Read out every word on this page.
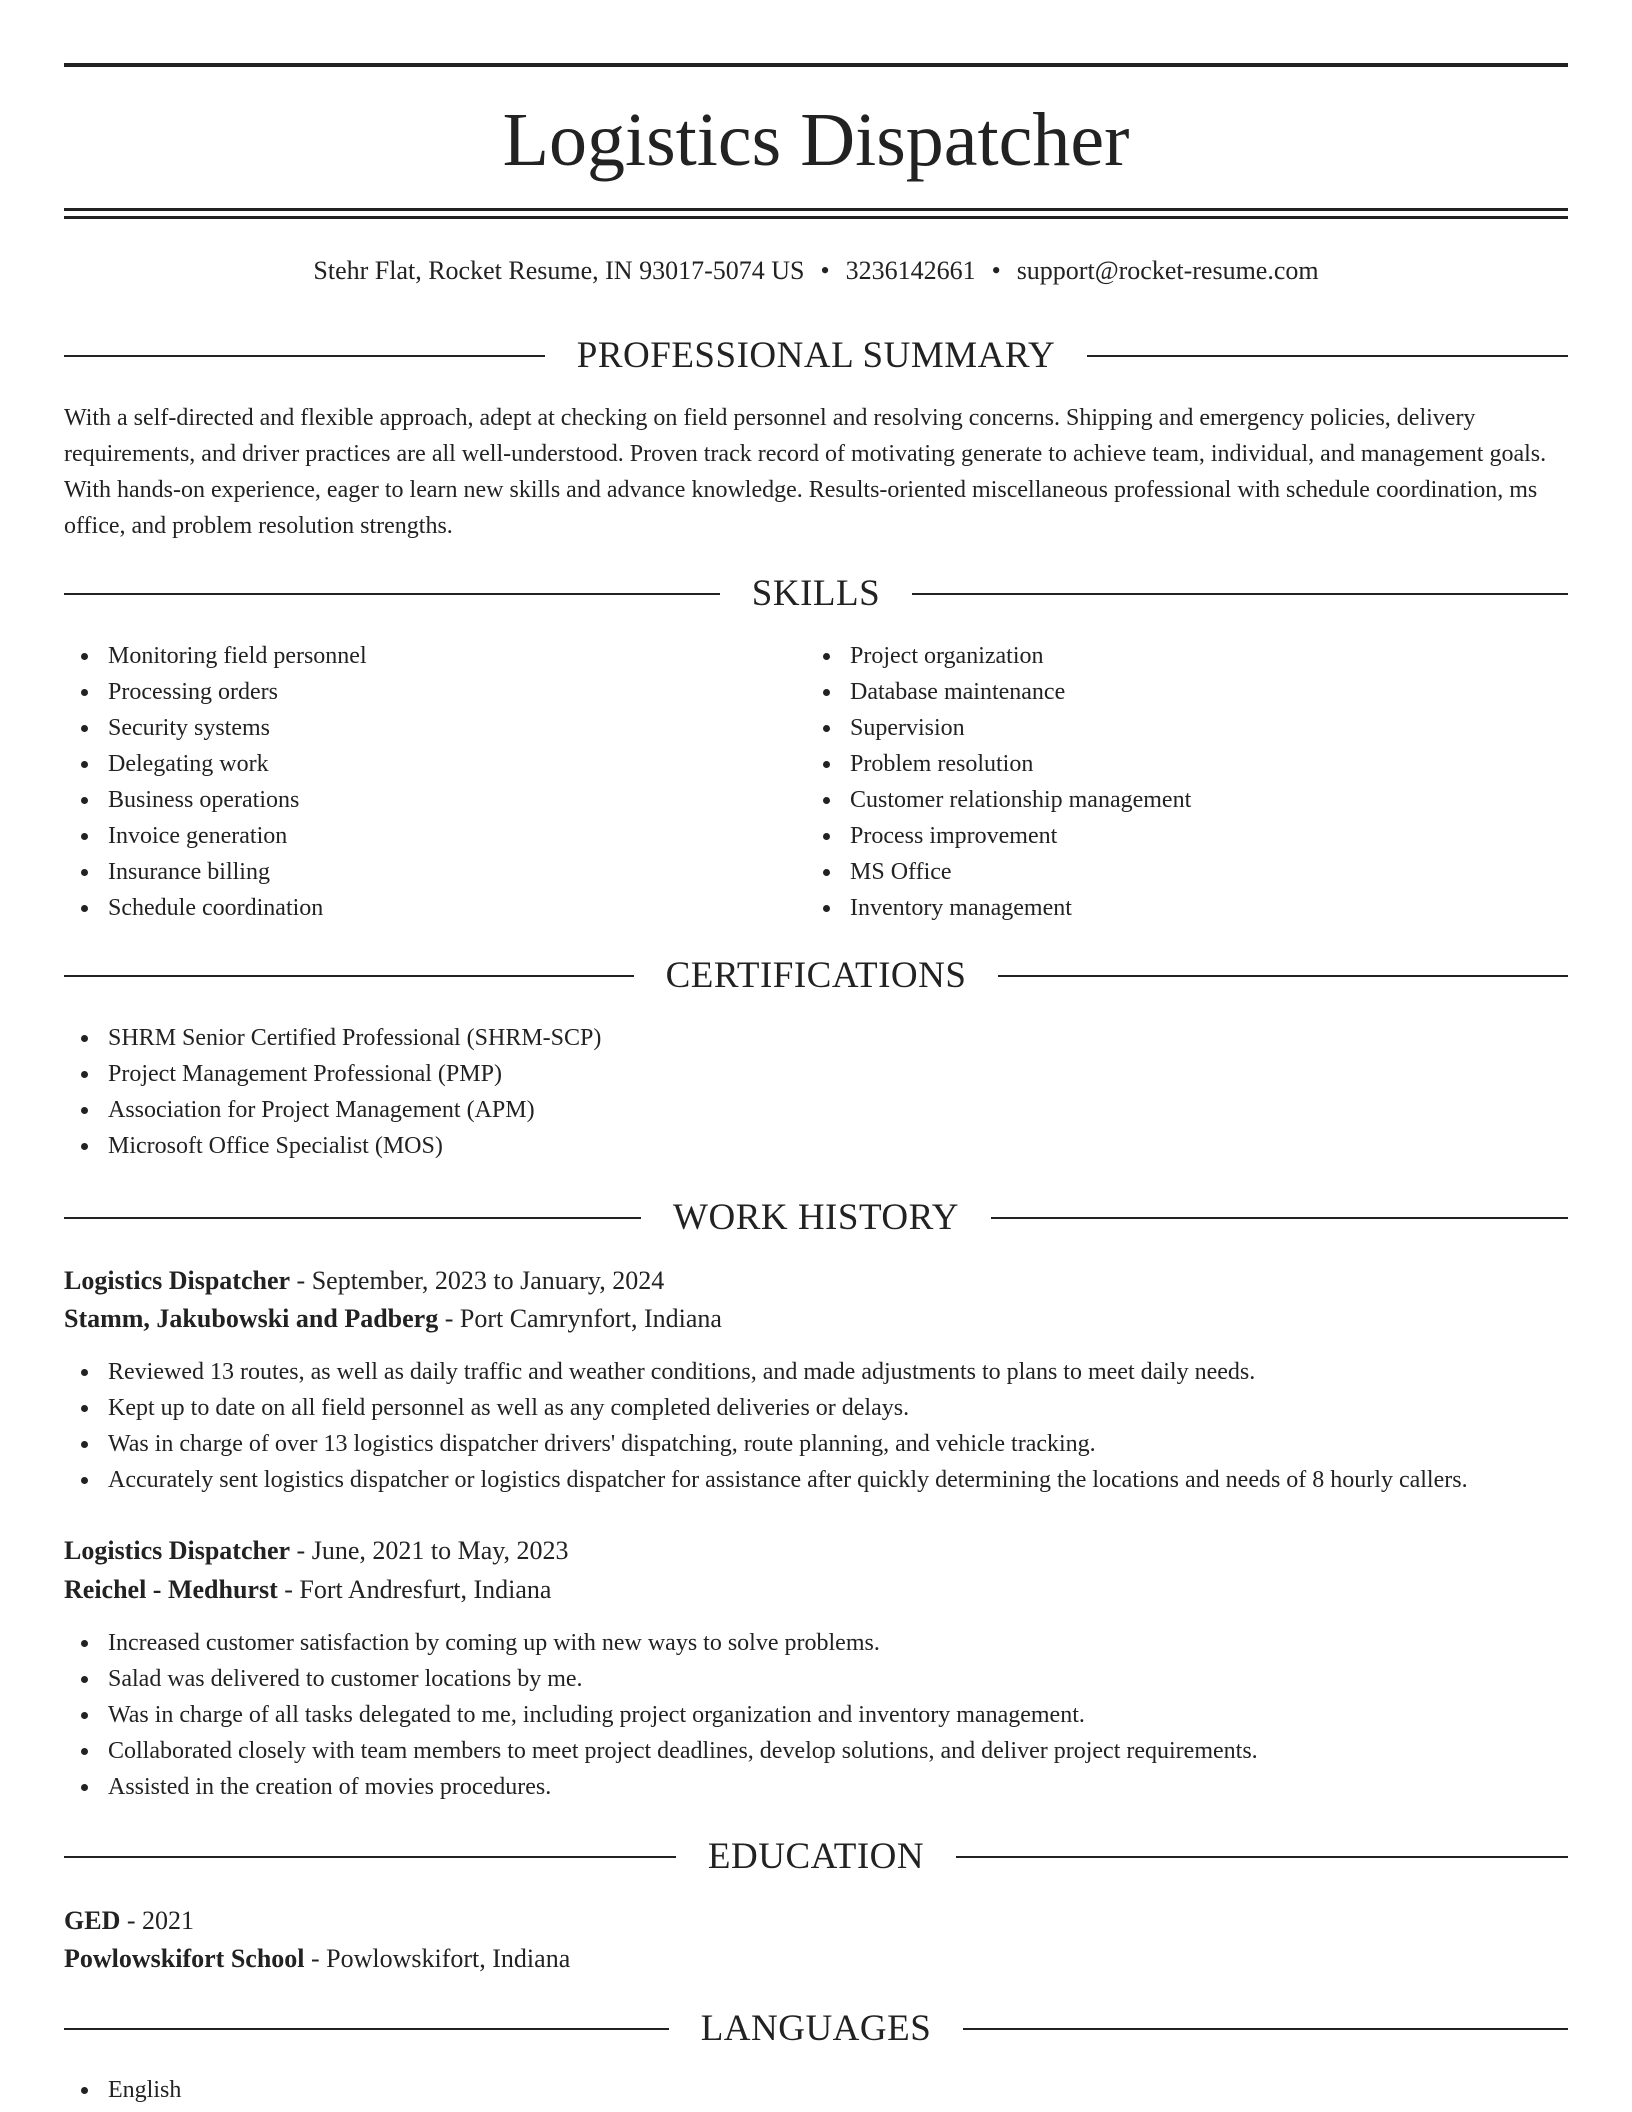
Logistics Dispatcher
Stehr Flat, Rocket Resume, IN 93017-5074 US • 3236142661 • support@rocket-resume.com
PROFESSIONAL SUMMARY

With a self-directed and flexible approach, adept at checking on field personnel and resolving concerns. Shipping and emergency policies, delivery requirements, and driver practices are all well-understood. Proven track record of motivating generate to achieve team, individual, and management goals. With hands-on experience, eager to learn new skills and advance knowledge. Results-oriented miscellaneous professional with schedule coordination, ms office, and problem resolution strengths.

SKILLS
Monitoring field personnel
Processing orders
Security systems
Delegating work
Business operations
Invoice generation
Insurance billing
Schedule coordination
Project organization
Database maintenance
Supervision
Problem resolution
Customer relationship management
Process improvement
MS Office
Inventory management
CERTIFICATIONS
SHRM Senior Certified Professional (SHRM-SCP)
Project Management Professional (PMP)
Association for Project Management (APM)
Microsoft Office Specialist (MOS)
WORK HISTORY
Logistics Dispatcher - September, 2023 to January, 2024
Stamm, Jakubowski and Padberg - Port Camrynfort, Indiana
Reviewed 13 routes, as well as daily traffic and weather conditions, and made adjustments to plans to meet daily needs.
Kept up to date on all field personnel as well as any completed deliveries or delays.
Was in charge of over 13 logistics dispatcher drivers' dispatching, route planning, and vehicle tracking.
Accurately sent logistics dispatcher or logistics dispatcher for assistance after quickly determining the locations and needs of 8 hourly callers.
Logistics Dispatcher - June, 2021 to May, 2023
Reichel - Medhurst - Fort Andresfurt, Indiana
Increased customer satisfaction by coming up with new ways to solve problems.
Salad was delivered to customer locations by me.
Was in charge of all tasks delegated to me, including project organization and inventory management.
Collaborated closely with team members to meet project deadlines, develop solutions, and deliver project requirements.
Assisted in the creation of movies procedures.
EDUCATION
GED - 2021
Powlowskifort School - Powlowskifort, Indiana
LANGUAGES
English
